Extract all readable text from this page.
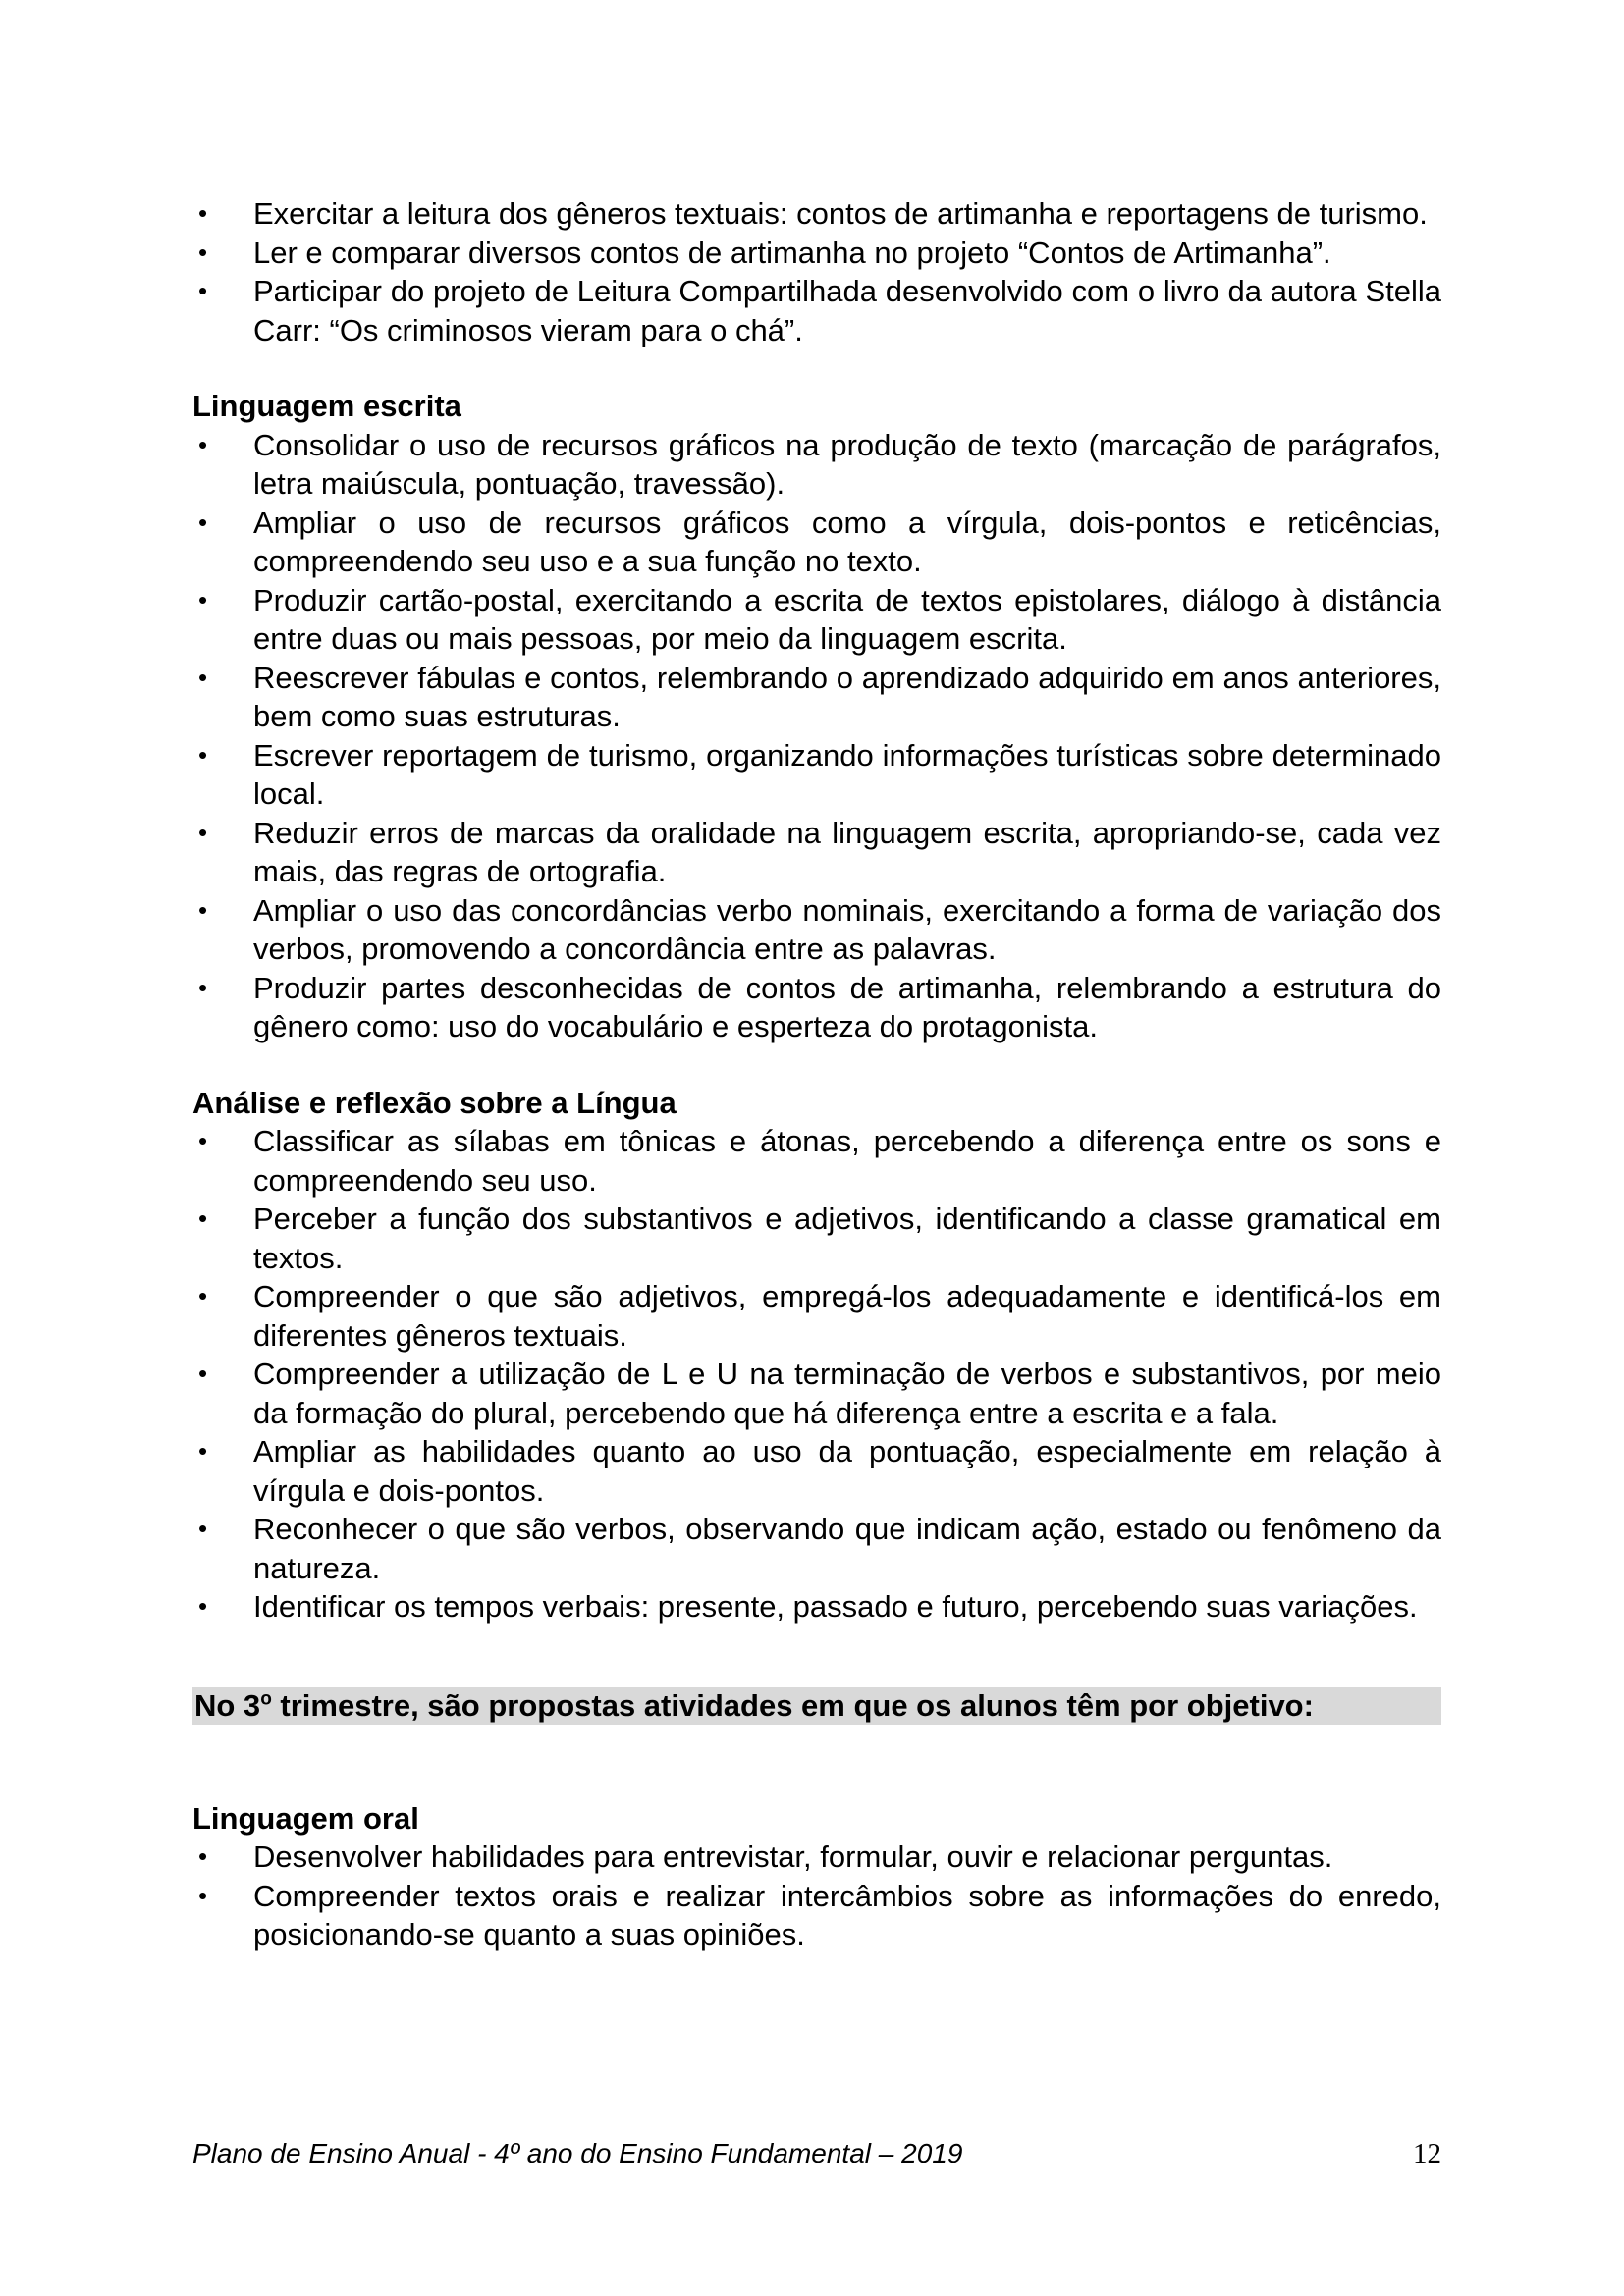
• Exercitar a leitura dos gêneros textuais: contos de artimanha e reportagens de turismo.
• Ler e comparar diversos contos de artimanha no projeto “Contos de Artimanha”.
• Participar do projeto de Leitura Compartilhada desenvolvido com o livro da autora Stella Carr: “Os criminosos vieram para o chá”.

Linguagem escrita

• Consolidar o uso de recursos gráficos na produção de texto (marcação de parágrafos, letra maiúscula, pontuação, travessão).
• Ampliar o uso de recursos gráficos como a vírgula, dois-pontos e reticências, compreendendo seu uso e a sua função no texto.
• Produzir cartão-postal, exercitando a escrita de textos epistolares, diálogo à distância entre duas ou mais pessoas, por meio da linguagem escrita.
• Reescrever fábulas e contos, relembrando o aprendizado adquirido em anos anteriores, bem como suas estruturas.
• Escrever reportagem de turismo, organizando informações turísticas sobre determinado local.
• Reduzir erros de marcas da oralidade na linguagem escrita, apropriando-se, cada vez mais, das regras de ortografia.
• Ampliar o uso das concordâncias verbo nominais, exercitando a forma de variação dos verbos, promovendo a concordância entre as palavras.
• Produzir partes desconhecidas de contos de artimanha, relembrando a estrutura do gênero como: uso do vocabulário e esperteza do protagonista.

Análise e reflexão sobre a Língua

• Classificar as sílabas em tônicas e átonas, percebendo a diferença entre os sons e compreendendo seu uso.
• Perceber a função dos substantivos e adjetivos, identificando a classe gramatical em textos.
• Compreender o que são adjetivos, empregá-los adequadamente e identificá-los em diferentes gêneros textuais.
• Compreender a utilização de L e U na terminação de verbos e substantivos, por meio da formação do plural, percebendo que há diferença entre a escrita e a fala.
• Ampliar as habilidades quanto ao uso da pontuação, especialmente em relação à vírgula e dois-pontos.
• Reconhecer o que são verbos, observando que indicam ação, estado ou fenômeno da natureza.
• Identificar os tempos verbais: presente, passado e futuro, percebendo suas variações.

No 3$^o$ trimestre, são propostas atividades em que os alunos têm por objetivo:

Linguagem oral

• Desenvolver habilidades para entrevistar, formular, ouvir e relacionar perguntas.
• Compreender textos orais e realizar intercâmbios sobre as informações do enredo, posicionando-se quanto a suas opiniões.
Plano de Ensino Anual - 4º ano do Ensino Fundamental – 2019	12
